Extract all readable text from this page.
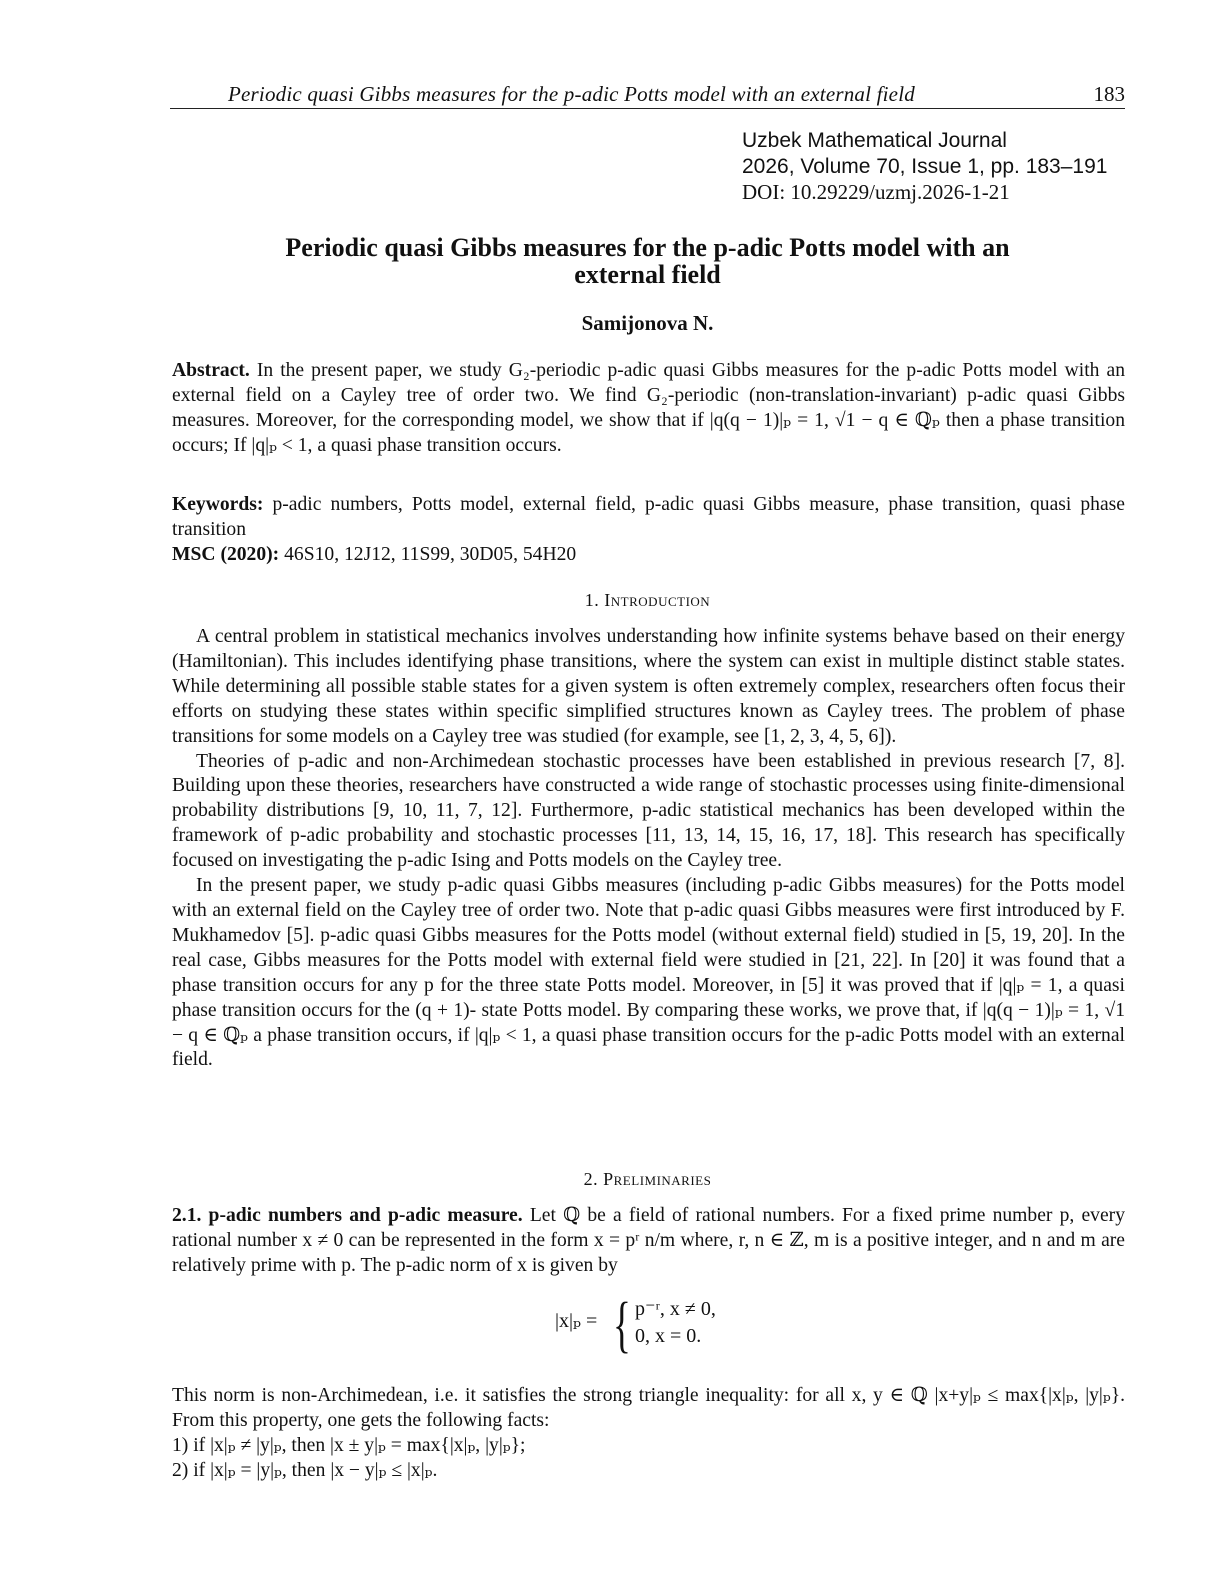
Periodic quasi Gibbs measures for the p-adic Potts model with an external field	183
Uzbek Mathematical Journal
2026, Volume 70, Issue 1, pp. 183–191
DOI: 10.29229/uzmj.2026-1-21
Periodic quasi Gibbs measures for the p-adic Potts model with an
external field
Samijonova N.

Abstract. In the present paper, we study G₂-periodic p-adic quasi Gibbs measures for the p-adic Potts model with an external field on a Cayley tree of order two. We find G₂-periodic (non-translation-invariant) p-adic quasi Gibbs measures. Moreover, for the corresponding model, we show that if |q(q − 1)|ₚ = 1, √1 − q ∈ ℚₚ then a phase transition occurs; If |q|ₚ < 1, a quasi phase transition occurs.

Keywords: p-adic numbers, Potts model, external field, p-adic quasi Gibbs measure, phase transition, quasi phase transition

MSC (2020): 46S10, 12J12, 11S99, 30D05, 54H20

1. Introduction

A central problem in statistical mechanics involves understanding how infinite systems behave based on their energy (Hamiltonian). This includes identifying phase transitions, where the system can exist in multiple distinct stable states. While determining all possible stable states for a given system is often extremely complex, researchers often focus their efforts on studying these states within specific simplified structures known as Cayley trees. The problem of phase transitions for some models on a Cayley tree was studied (for example, see [1, 2, 3, 4, 5, 6]).

Theories of p-adic and non-Archimedean stochastic processes have been established in previous research [7, 8]. Building upon these theories, researchers have constructed a wide range of stochastic processes using finite-dimensional probability distributions [9, 10, 11, 7, 12]. Furthermore, p-adic statistical mechanics has been developed within the framework of p-adic probability and stochastic processes [11, 13, 14, 15, 16, 17, 18]. This research has specifically focused on investigating the p-adic Ising and Potts models on the Cayley tree.

In the present paper, we study p-adic quasi Gibbs measures (including p-adic Gibbs measures) for the Potts model with an external field on the Cayley tree of order two. Note that p-adic quasi Gibbs measures were first introduced by F. Mukhamedov [5]. p-adic quasi Gibbs measures for the Potts model (without external field) studied in [5, 19, 20]. In the real case, Gibbs measures for the Potts model with external field were studied in [21, 22]. In [20] it was found that a phase transition occurs for any p for the three state Potts model. Moreover, in [5] it was proved that if |q|ₚ = 1, a quasi phase transition occurs for the (q + 1)- state Potts model. By comparing these works, we prove that, if |q(q − 1)|ₚ = 1, √1 − q ∈ ℚₚ a phase transition occurs, if |q|ₚ < 1, a quasi phase transition occurs for the p-adic Potts model with an external field.

2. Preliminaries

2.1. p-adic numbers and p-adic measure. Let ℚ be a field of rational numbers. For a fixed prime number p, every rational number x ≠ 0 can be represented in the form x = pʳ n/m where, r, n ∈ ℤ, m is a positive integer, and n and m are relatively prime with p. The p-adic norm of x is given by

|x|ₚ = { p⁻ʳ, x ≠ 0,
0, x = 0.

This norm is non-Archimedean, i.e. it satisfies the strong triangle inequality: for all x, y ∈ ℚ |x+y|ₚ ≤ max{|x|ₚ, |y|ₚ}. From this property, one gets the following facts:

1) if |x|ₚ ≠ |y|ₚ, then |x ± y|ₚ = max{|x|ₚ, |y|ₚ};

2) if |x|ₚ = |y|ₚ, then |x − y|ₚ ≤ |x|ₚ.
